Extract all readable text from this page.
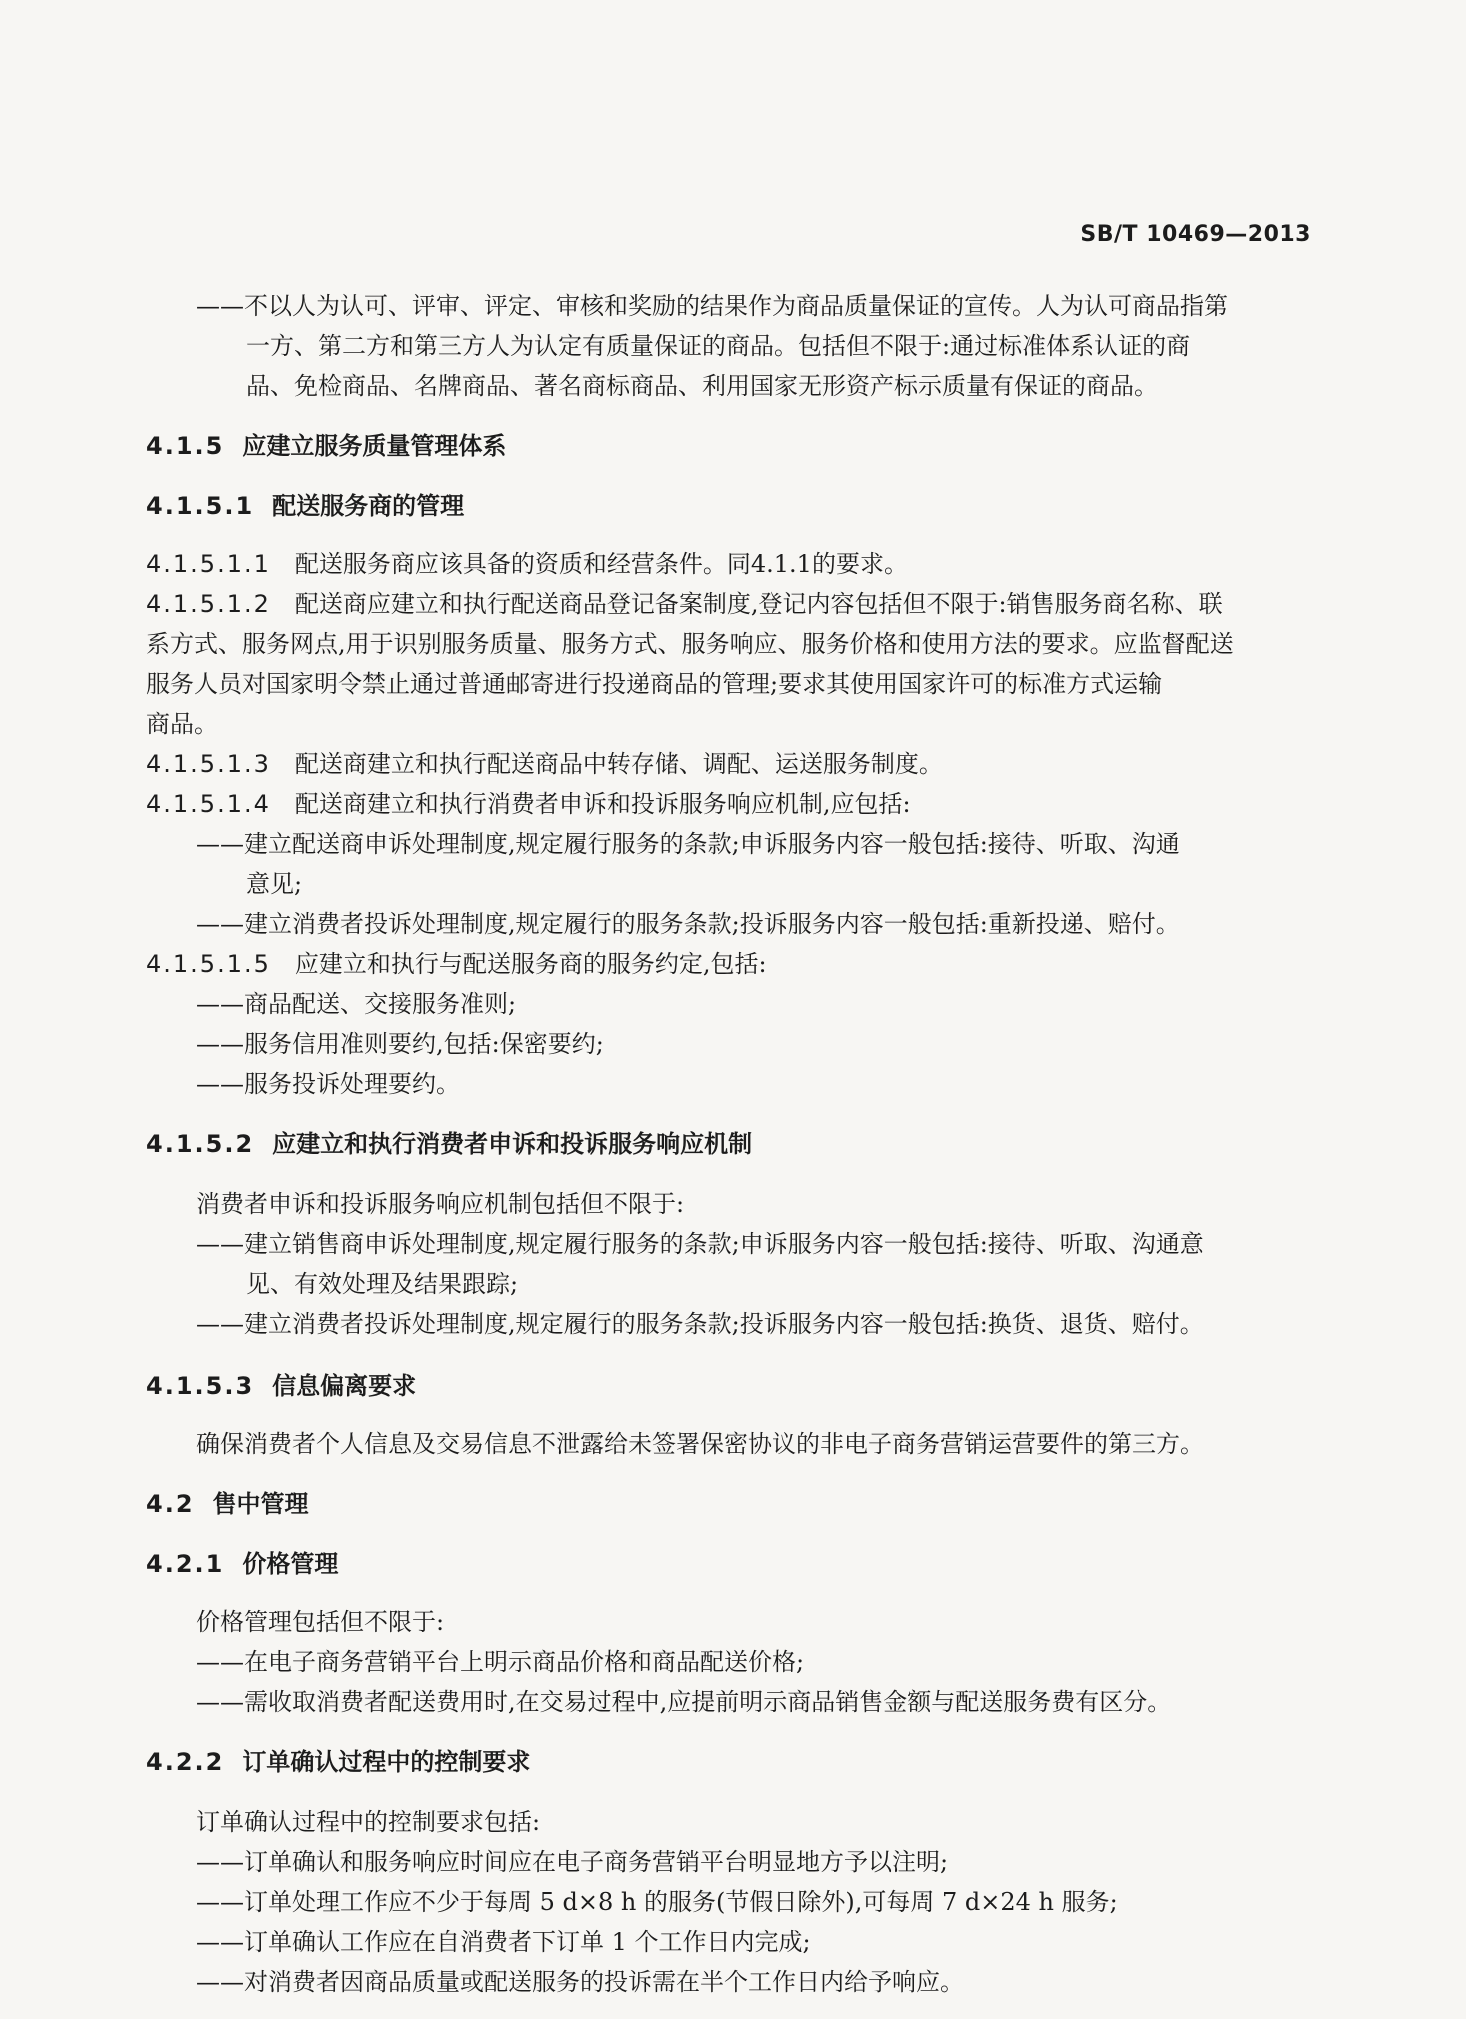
SB/T 10469—2013
——不以人为认可、评审、评定、审核和奖励的结果作为商品质量保证的宣传。人为认可商品指第
一方、第二方和第三方人为认定有质量保证的商品。包括但不限于:通过标准体系认证的商
品、免检商品、名牌商品、著名商标商品、利用国家无形资产标示质量有保证的商品。
4.1.5 应建立服务质量管理体系
4.1.5.1 配送服务商的管理
4.1.5.1.1 配送服务商应该具备的资质和经营条件。同4.1.1的要求。
4.1.5.1.2 配送商应建立和执行配送商品登记备案制度,登记内容包括但不限于:销售服务商名称、联
系方式、服务网点,用于识别服务质量、服务方式、服务响应、服务价格和使用方法的要求。应监督配送
服务人员对国家明令禁止通过普通邮寄进行投递商品的管理;要求其使用国家许可的标准方式运输
商品。
4.1.5.1.3 配送商建立和执行配送商品中转存储、调配、运送服务制度。
4.1.5.1.4 配送商建立和执行消费者申诉和投诉服务响应机制,应包括:
——建立配送商申诉处理制度,规定履行服务的条款;申诉服务内容一般包括:接待、听取、沟通
意见;
——建立消费者投诉处理制度,规定履行的服务条款;投诉服务内容一般包括:重新投递、赔付。
4.1.5.1.5 应建立和执行与配送服务商的服务约定,包括:
——商品配送、交接服务准则;
——服务信用准则要约,包括:保密要约;
——服务投诉处理要约。
4.1.5.2 应建立和执行消费者申诉和投诉服务响应机制
消费者申诉和投诉服务响应机制包括但不限于:
——建立销售商申诉处理制度,规定履行服务的条款;申诉服务内容一般包括:接待、听取、沟通意
见、有效处理及结果跟踪;
——建立消费者投诉处理制度,规定履行的服务条款;投诉服务内容一般包括:换货、退货、赔付。
4.1.5.3 信息偏离要求
确保消费者个人信息及交易信息不泄露给未签署保密协议的非电子商务营销运营要件的第三方。
4.2 售中管理
4.2.1 价格管理
价格管理包括但不限于:
——在电子商务营销平台上明示商品价格和商品配送价格;
——需收取消费者配送费用时,在交易过程中,应提前明示商品销售金额与配送服务费有区分。
4.2.2 订单确认过程中的控制要求
订单确认过程中的控制要求包括:
——订单确认和服务响应时间应在电子商务营销平台明显地方予以注明;
——订单处理工作应不少于每周 5 d×8 h 的服务(节假日除外),可每周 7 d×24 h 服务;
——订单确认工作应在自消费者下订单 1 个工作日内完成;
——对消费者因商品质量或配送服务的投诉需在半个工作日内给予响应。
